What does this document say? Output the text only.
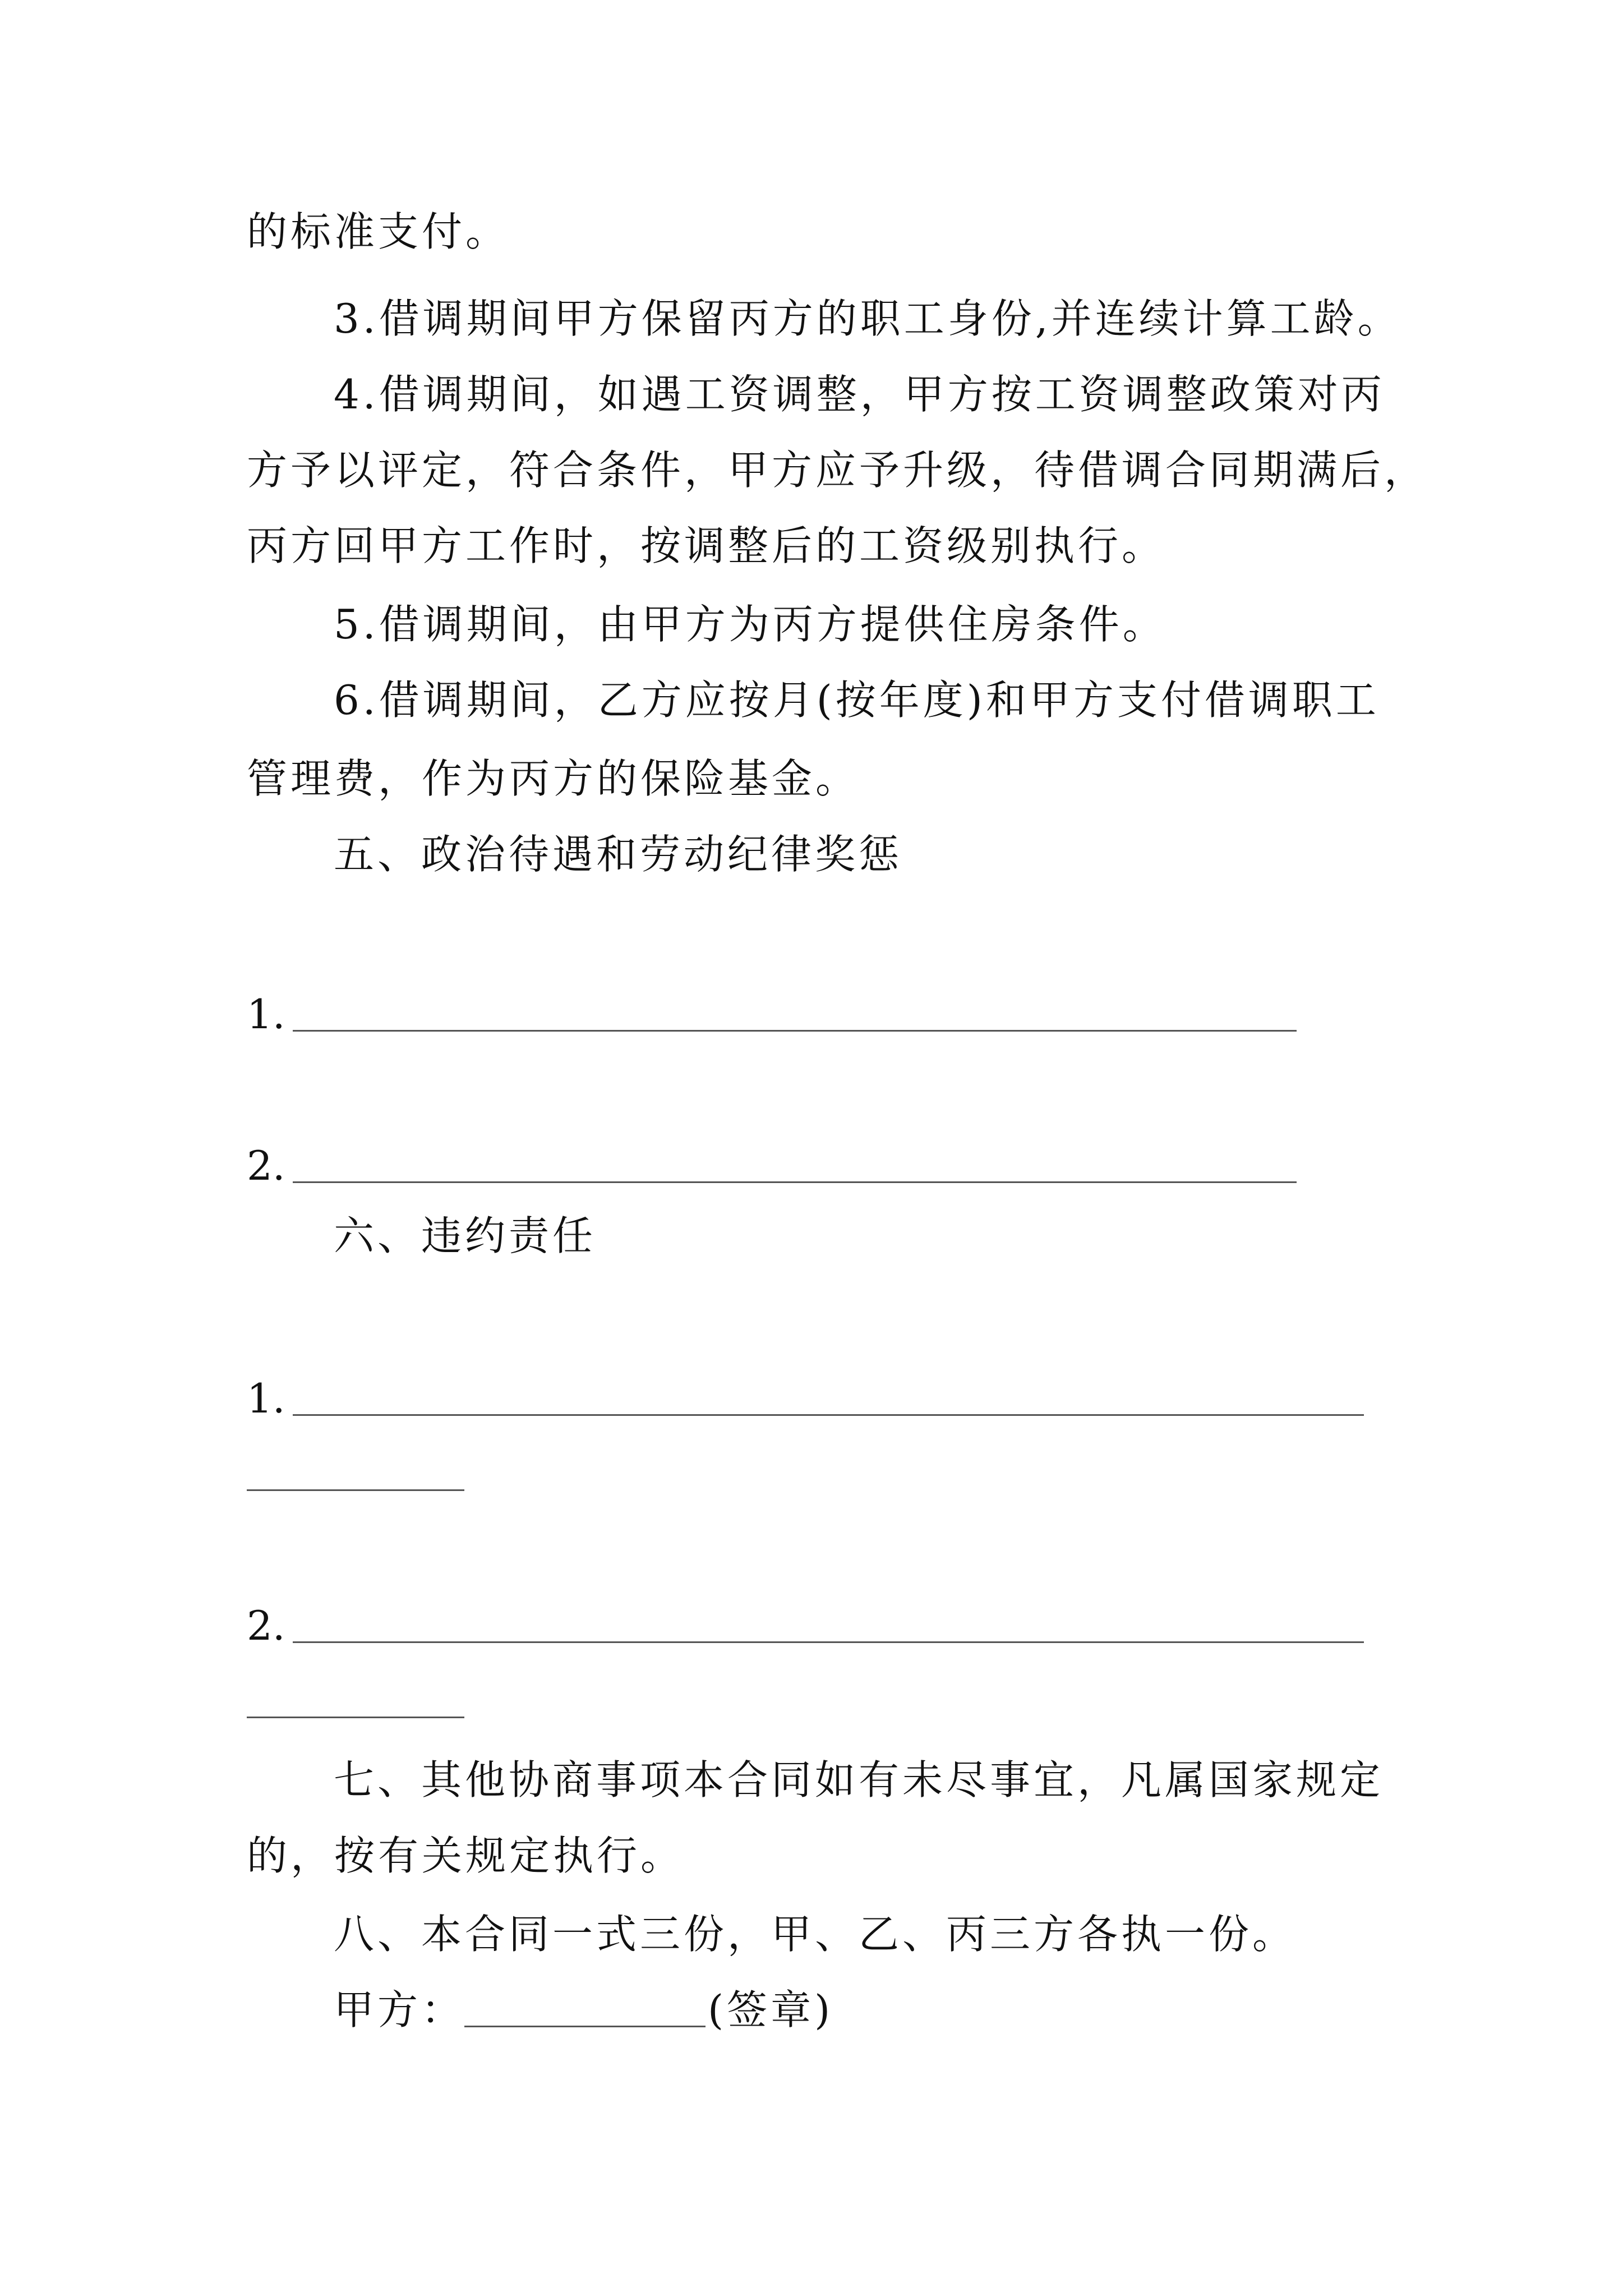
的标准支付。
3.借调期间甲方保留丙方的职工身份,并连续计算工龄。
4.借调期间，如遇工资调整，甲方按工资调整政策对丙
方予以评定，符合条件，甲方应予升级，待借调合同期满后，
丙方回甲方工作时，按调整后的工资级别执行。
5.借调期间，由甲方为丙方提供住房条件。
6.借调期间，乙方应按月(按年度)和甲方支付借调职工
管理费，作为丙方的保险基金。
五、政治待遇和劳动纪律奖惩
1.
2.
六、违约责任
1.
2.
七、其他协商事项本合同如有未尽事宜，凡属国家规定
的，按有关规定执行。
八、本合同一式三份，甲、乙、丙三方各执一份。
甲方：	(签章)
